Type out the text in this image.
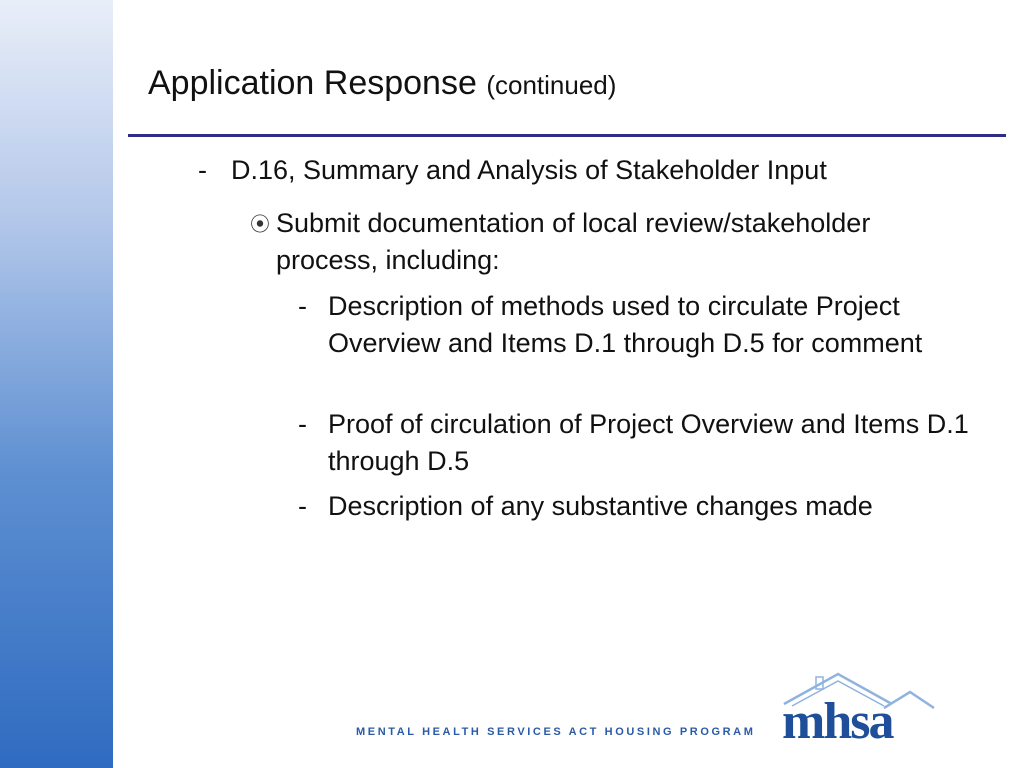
Application Response (continued)
- D.16, Summary and Analysis of Stakeholder Input
⦿ Submit documentation of local review/stakeholder process, including:
- Description of methods used to circulate Project Overview and Items D.1 through D.5 for comment
- Proof of circulation of Project Overview and Items D.1 through D.5
- Description of any substantive changes made
MENTAL HEALTH SERVICES ACT HOUSING PROGRAM mhsa
